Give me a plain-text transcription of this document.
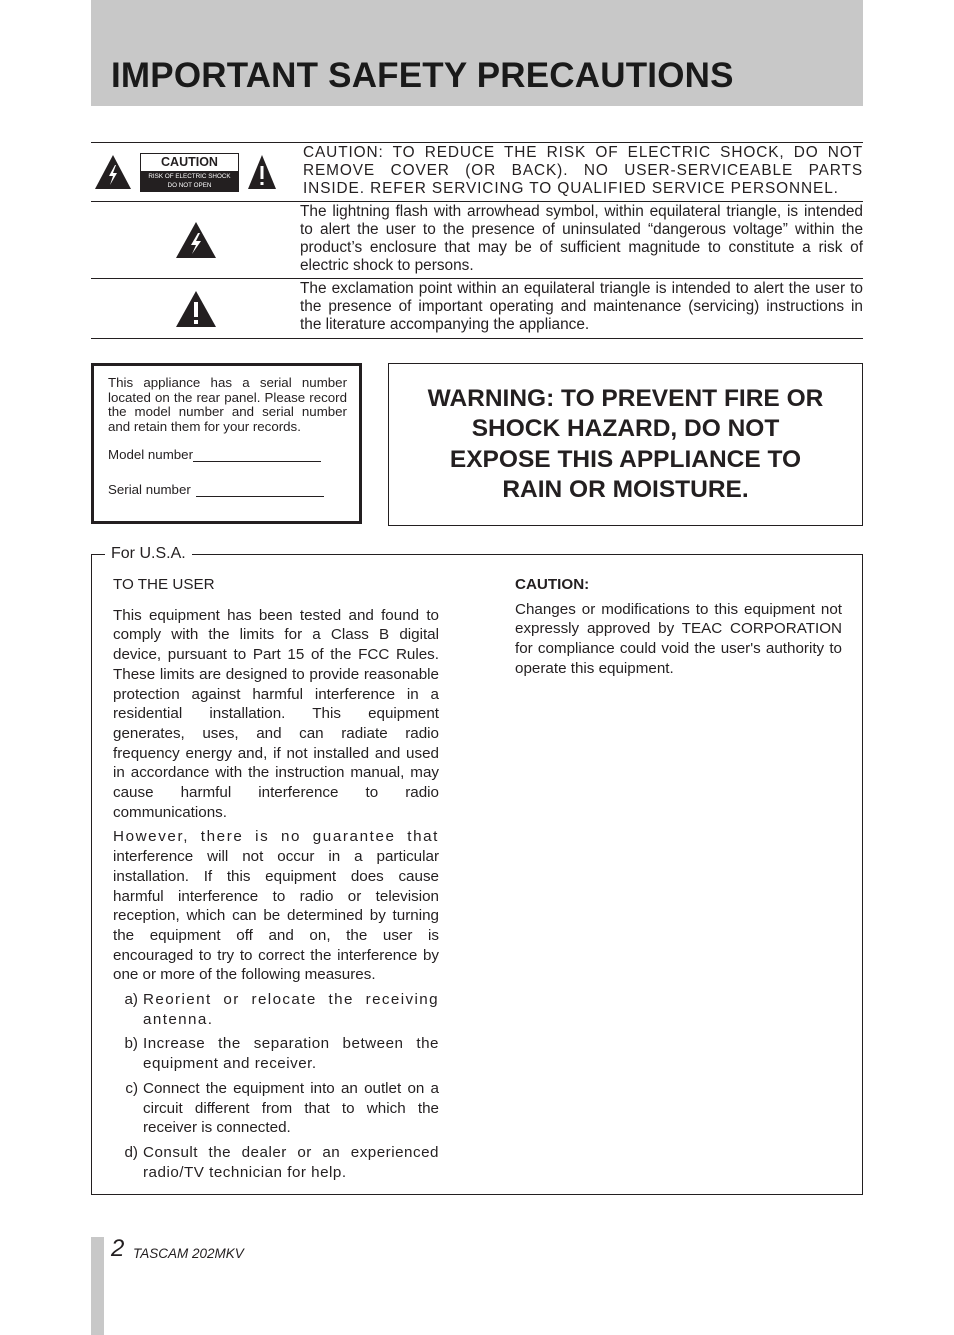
IMPORTANT SAFETY PRECAUTIONS
CAUTION
RISK OF ELECTRIC SHOCK
DO NOT OPEN
CAUTION: TO REDUCE THE RISK OF ELECTRIC SHOCK, DO NOT REMOVE COVER (OR BACK). NO USER-SERVICEABLE PARTS INSIDE. REFER SERVICING TO QUALIFIED SERVICE PERSONNEL.
The lightning flash with arrowhead symbol, within equilateral triangle, is intended to alert the user to the presence of uninsulated “dangerous voltage” within the product’s enclosure that may be of sufficient magnitude to constitute a risk of electric shock to persons.
The exclamation point within an equilateral triangle is intended to alert the user to the presence of important operating and maintenance (servicing) instructions in the literature accompanying the appliance.

This appliance has a serial number located on the rear panel. Please record the model number and serial number and retain them for your records.

Model number
Serial number

WARNING: TO PREVENT FIRE OR SHOCK HAZARD, DO NOT EXPOSE THIS APPLIANCE TO RAIN OR MOISTURE.

For U.S.A.

TO THE USER

This equipment has been tested and found to comply with the limits for a Class B digital device, pursuant to Part 15 of the FCC Rules. These limits are designed to provide reasonable protection against harmful interference in a residential installation. This equipment generates, uses, and can radiate radio frequency energy and, if not installed and used in accordance with the instruction manual, may cause harmful interference to radio communications.

However, there is no guarantee that interference will not occur in a particular installation. If this equipment does cause harmful interference to radio or television reception, which can be determined by turning the equipment off and on, the user is encouraged to try to correct the interference by one or more of the following measures.

a) Reorient or relocate the receiving antenna.
b) Increase the separation between the equipment and receiver.
c) Connect the equipment into an outlet on a circuit different from that to which the receiver is connected.
d) Consult the dealer or an experienced radio/TV technician for help.

CAUTION:

Changes or modifications to this equipment not expressly approved by TEAC CORPORATION for compliance could void the user's authority to operate this equipment.

2 TASCAM 202MKV
